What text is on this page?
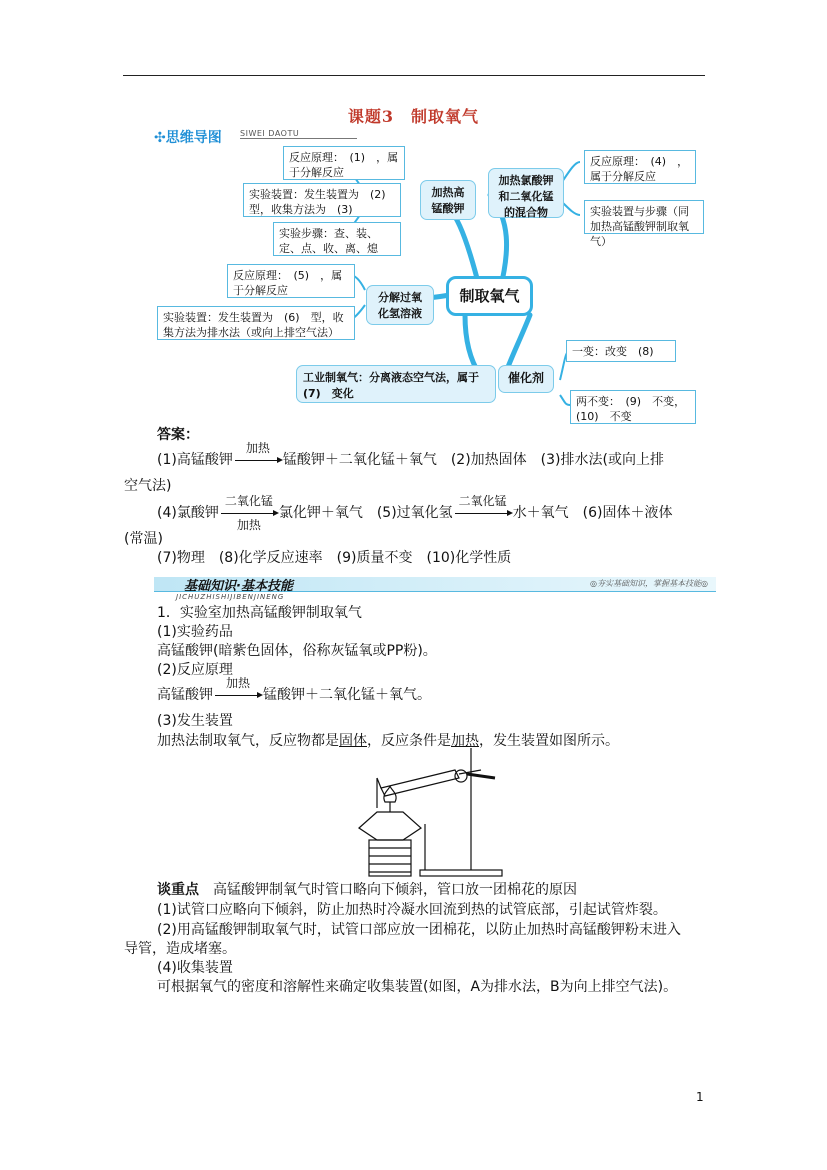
课题3　制取氧气
✣思维导图 SIWEI DAOTU
反应原理：　(1)　，属于分解反应
实验装置：发生装置为　(2)　型，收集方法为　(3)　
实验步骤：查、装、定、点、收、离、熄
加热高锰酸钾
加热氯酸钾和二氧化锰的混合物
反应原理：　(4)　，属于分解反应
实验装置与步骤（同加热高锰酸钾制取氧气）
反应原理：　(5)　，属于分解反应
实验装置：发生装置为　(6)　型，收集方法为排水法（或向上排空气法）
分解过氧化氢溶液
制取氧气
工业制氧气：分离液态空气法，属于　(7)　变化
催化剂
一变：改变　(8)　
两不变：　(9)　不变，　(10)　不变
答案：
(1)高锰酸钾
加热
锰酸钾＋二氧化锰＋氧气　(2)加热固体　(3)排水法(或向上排
空气法)
(4)氯酸钾
二氧化锰
加热
氯化钾＋氧气　(5)过氧化氢
二氧化锰
水＋氧气　(6)固体＋液体
(常温)
(7)物理　(8)化学反应速率　(9)质量不变　(10)化学性质
基础知识·基本技能
JICHUZHISHIJIBENJINENG
◎夯实基础知识，掌握基本技能◎
1．实验室加热高锰酸钾制取氧气
(1)实验药品
高锰酸钾(暗紫色固体，俗称灰锰氧或PP粉)。
(2)反应原理
高锰酸钾
加热
锰酸钾＋二氧化锰＋氧气。
(3)发生装置
加热法制取氧气，反应物都是固体，反应条件是加热，发生装置如图所示。
谈重点　 高锰酸钾制氧气时管口略向下倾斜，管口放一团棉花的原因
(1)试管口应略向下倾斜，防止加热时冷凝水回流到热的试管底部，引起试管炸裂。
(2)用高锰酸钾制取氧气时，试管口部应放一团棉花，以防止加热时高锰酸钾粉末进入
导管，造成堵塞。
(4)收集装置
可根据氧气的密度和溶解性来确定收集装置(如图，A为排水法，B为向上排空气法)。
1
